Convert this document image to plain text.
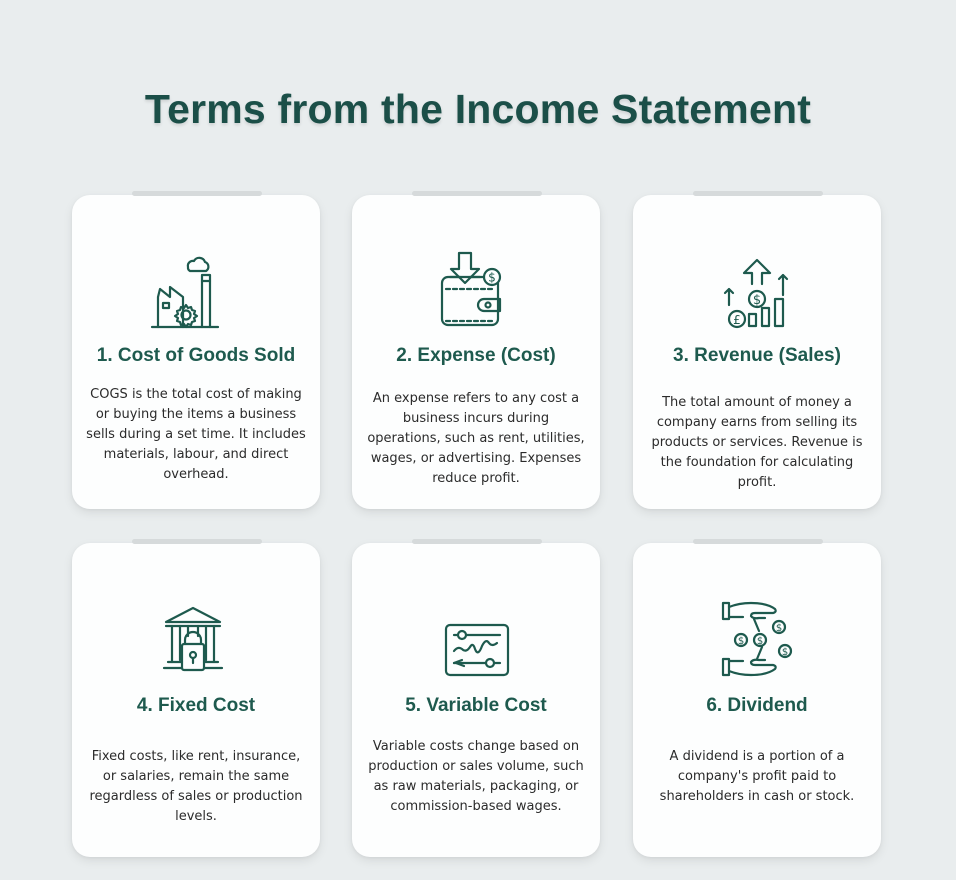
Terms from the Income Statement
1. Cost of Goods Sold
COGS is the total cost of making or buying the items a business sells during a set time. It includes materials, labour, and direct overhead.
$
2. Expense (Cost)
An expense refers to any cost a business incurs during operations, such as rent, utilities, wages, or advertising. Expenses reduce profit.
$
£
3. Revenue (Sales)
The total amount of money a company earns from selling its products or services. Revenue is the foundation for calculating profit.
4. Fixed Cost
Fixed costs, like rent, insurance, or salaries, remain the same regardless of sales or production levels.
5. Variable Cost
Variable costs change based on production or sales volume, such as raw materials, packaging, or commission-based wages.
$ $
$
$
6. Dividend
A dividend is a portion of a company's profit paid to shareholders in cash or stock.
